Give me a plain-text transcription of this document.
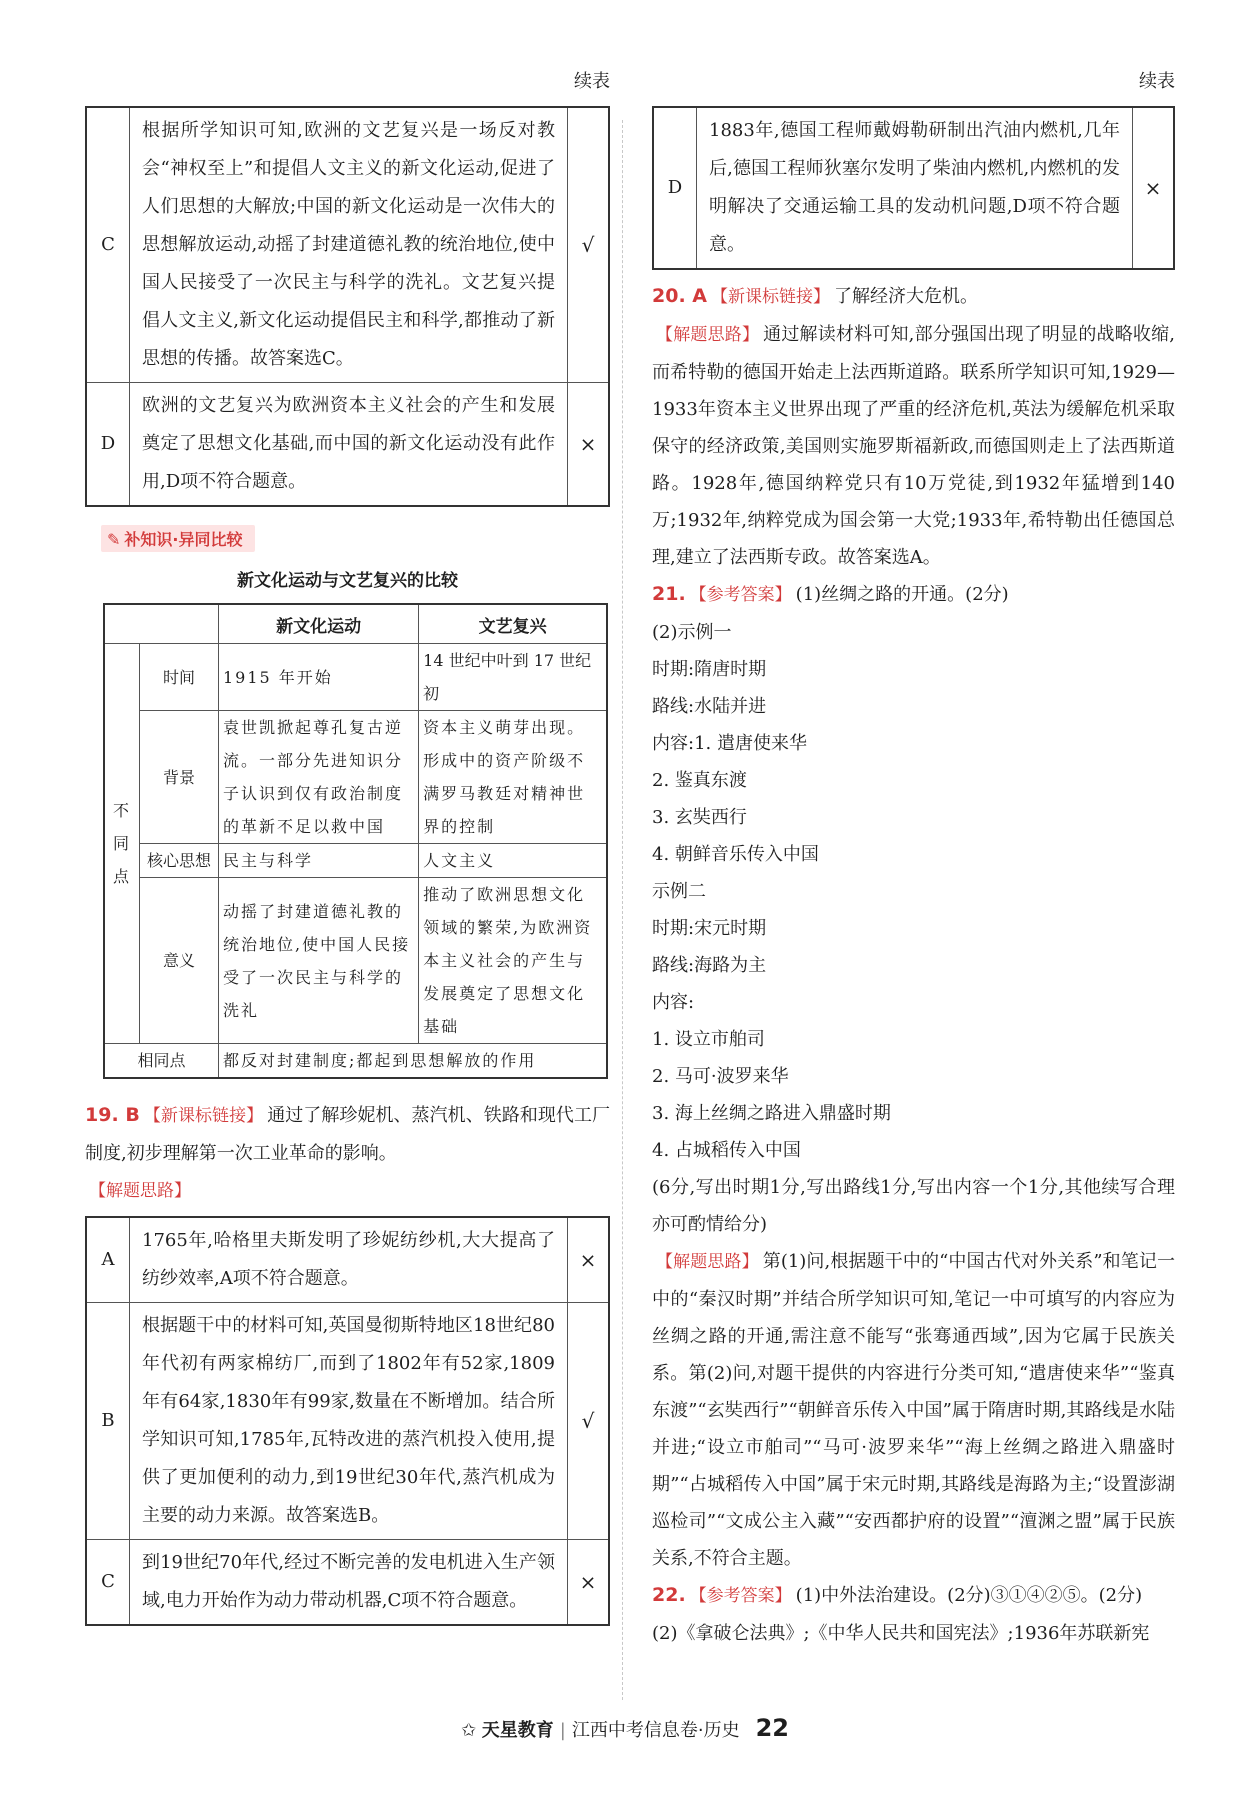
续表
C	根据所学知识可知,欧洲的文艺复兴是一场反对教会“神权至上”和提倡人文主义的新文化运动,促进了人们思想的大解放;中国的新文化运动是一次伟大的思想解放运动,动摇了封建道德礼教的统治地位,使中国人民接受了一次民主与科学的洗礼。文艺复兴提倡人文主义,新文化运动提倡民主和科学,都推动了新思想的传播。故答案选C。	√
D	欧洲的文艺复兴为欧洲资本主义社会的产生和发展奠定了思想文化基础,而中国的新文化运动没有此作用,D项不符合题意。	×
✎ 补知识·异同比较
新文化运动与文艺复兴的比较
		新文化运动	文艺复兴
不同点	时间	1915 年开始	14 世纪中叶到 17 世纪初
	背景	袁世凯掀起尊孔复古逆流。一部分先进知识分子认识到仅有政治制度的革新不足以救中国	资本主义萌芽出现。形成中的资产阶级不满罗马教廷对精神世界的控制
	核心思想	民主与科学	人文主义
	意义	动摇了封建道德礼教的统治地位,使中国人民接受了一次民主与科学的洗礼	推动了欧洲思想文化领域的繁荣,为欧洲资本主义社会的产生与发展奠定了思想文化基础
相同点		都反对封建制度;都起到思想解放的作用	
19. B 【新课标链接】 通过了解珍妮机、蒸汽机、铁路和现代工厂制度,初步理解第一次工业革命的影响。
【解题思路】
A	1765年,哈格里夫斯发明了珍妮纺纱机,大大提高了纺纱效率,A项不符合题意。	×
B	根据题干中的材料可知,英国曼彻斯特地区18世纪80年代初有两家棉纺厂,而到了1802年有52家,1809年有64家,1830年有99家,数量在不断增加。结合所学知识可知,1785年,瓦特改进的蒸汽机投入使用,提供了更加便利的动力,到19世纪30年代,蒸汽机成为主要的动力来源。故答案选B。	√
C	到19世纪70年代,经过不断完善的发电机进入生产领域,电力开始作为动力带动机器,C项不符合题意。	×
续表
D	1883年,德国工程师戴姆勒研制出汽油内燃机,几年后,德国工程师狄塞尔发明了柴油内燃机,内燃机的发明解决了交通运输工具的发动机问题,D项不符合题意。	×
20. A 【新课标链接】 了解经济大危机。
【解题思路】 通过解读材料可知,部分强国出现了明显的战略收缩,而希特勒的德国开始走上法西斯道路。联系所学知识可知,1929—1933年资本主义世界出现了严重的经济危机,英法为缓解危机采取保守的经济政策,美国则实施罗斯福新政,而德国则走上了法西斯道路。1928年,德国纳粹党只有10万党徒,到1932年猛增到140万;1932年,纳粹党成为国会第一大党;1933年,希特勒出任德国总理,建立了法西斯专政。故答案选A。
21. 【参考答案】 (1)丝绸之路的开通。(2分)
(2)示例一
时期:隋唐时期
路线:水陆并进
内容:1. 遣唐使来华
2. 鉴真东渡
3. 玄奘西行
4. 朝鲜音乐传入中国
示例二
时期:宋元时期
路线:海路为主
内容:
1. 设立市舶司
2. 马可·波罗来华
3. 海上丝绸之路进入鼎盛时期
4. 占城稻传入中国
(6分,写出时期1分,写出路线1分,写出内容一个1分,其他续写合理亦可酌情给分)
【解题思路】 第(1)问,根据题干中的“中国古代对外关系”和笔记一中的“秦汉时期”并结合所学知识可知,笔记一中可填写的内容应为丝绸之路的开通,需注意不能写“张骞通西域”,因为它属于民族关系。第(2)问,对题干提供的内容进行分类可知,“遣唐使来华”“鉴真东渡”“玄奘西行”“朝鲜音乐传入中国”属于隋唐时期,其路线是水陆并进;“设立市舶司”“马可·波罗来华”“海上丝绸之路进入鼎盛时期”“占城稻传入中国”属于宋元时期,其路线是海路为主;“设置澎湖巡检司”“文成公主入藏”“安西都护府的设置”“澶渊之盟”属于民族关系,不符合主题。
22. 【参考答案】 (1)中外法治建设。(2分)③①④②⑤。(2分)
(2)《拿破仑法典》;《中华人民共和国宪法》;1936年苏联新宪
✩ 天星教育 | 江西中考信息卷·历史 22
